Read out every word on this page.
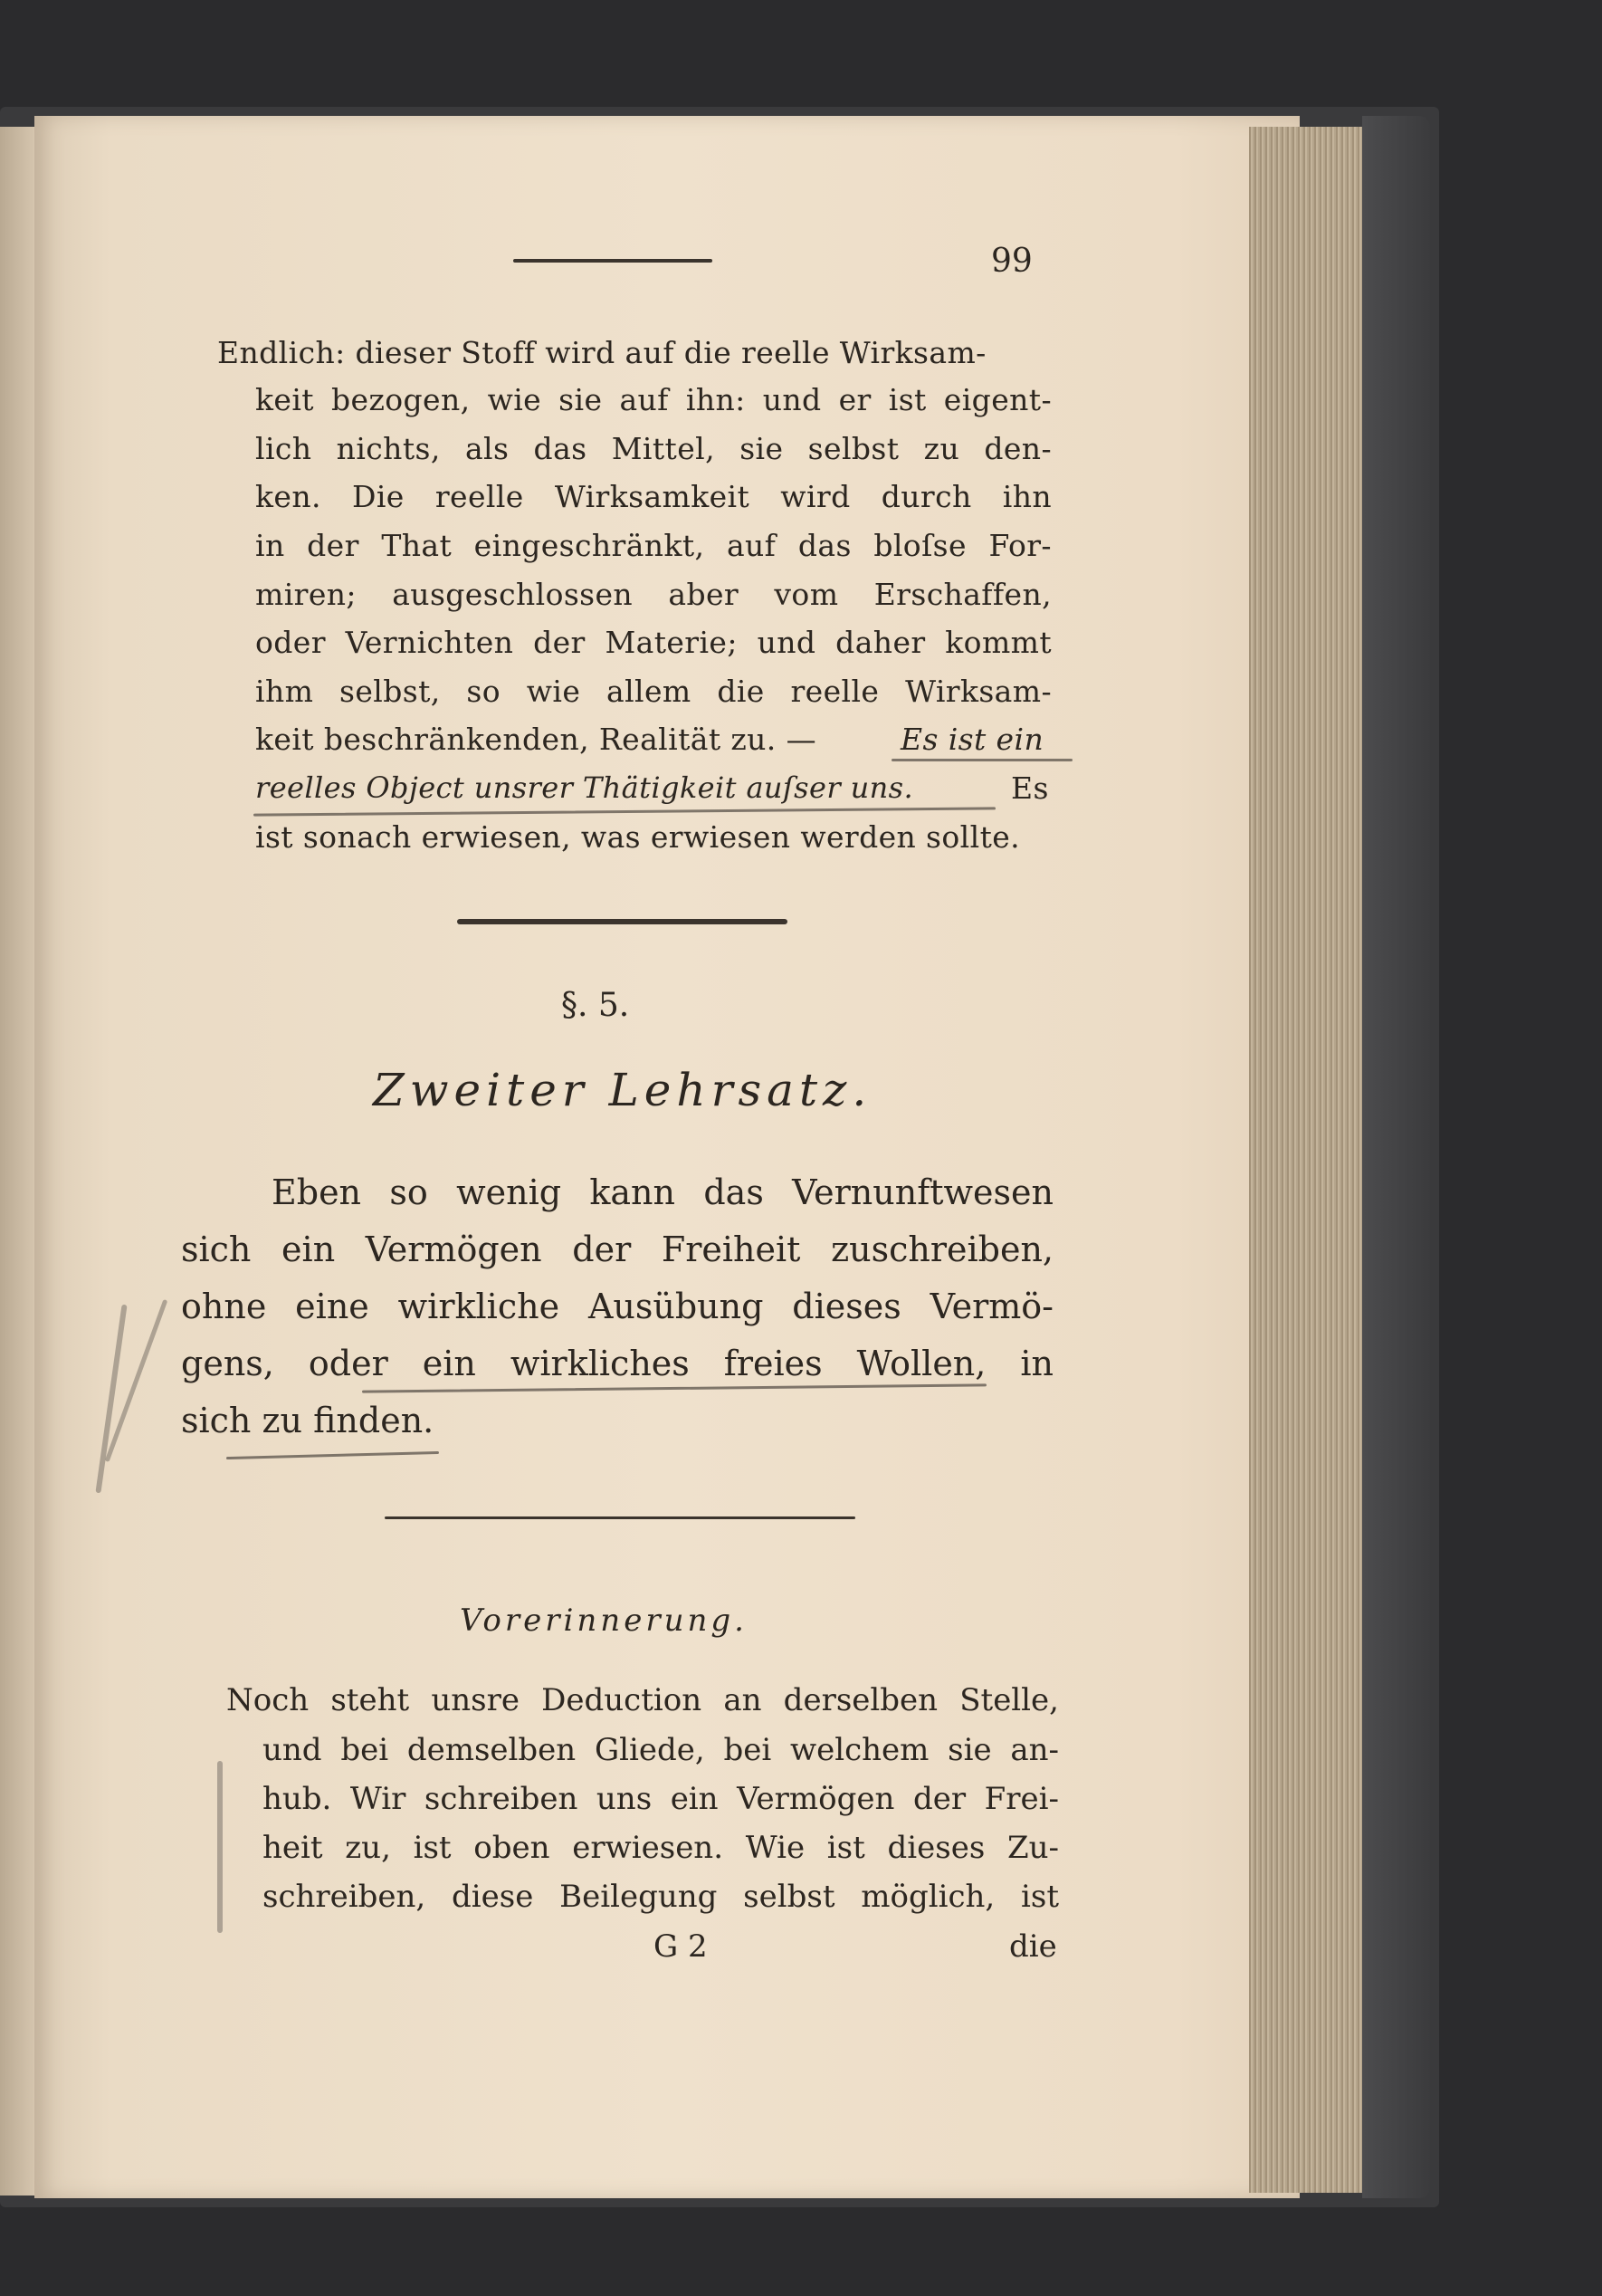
99
Endlich: dieser Stoff wird auf die reelle Wirksam-
keit bezogen, wie sie auf ihn: und er ist eigent-
lich nichts, als das Mittel, sie selbst zu den-
ken. Die reelle Wirksamkeit wird durch ihn
in der That eingeschränkt, auf das bloſse For-
miren; ausgeschlossen aber vom Erschaffen,
oder Vernichten der Materie; und daher kommt
ihm selbst, so wie allem die reelle Wirksam-
keit beschränkenden, Realität zu. —	Es ist ein
reelles Object unsrer Thätigkeit auſser uns.	Es
ist sonach erwiesen, was erwiesen werden sollte.
§. 5.
Zweiter Lehrsatz.
Eben so wenig kann das Vernunftwesen
sich ein Vermögen der Freiheit zuschreiben,
ohne eine wirkliche Ausübung dieses Vermö-
gens, oder ein wirkliches freies Wollen, in
sich zu finden.
Vorerinnerung.
Noch steht unsre Deduction an derselben Stelle,
und bei demselben Gliede, bei welchem sie an-
hub. Wir schreiben uns ein Vermögen der Frei-
heit zu, ist oben erwiesen. Wie ist dieses Zu-
schreiben, diese Beilegung selbst möglich, ist
G 2	die
